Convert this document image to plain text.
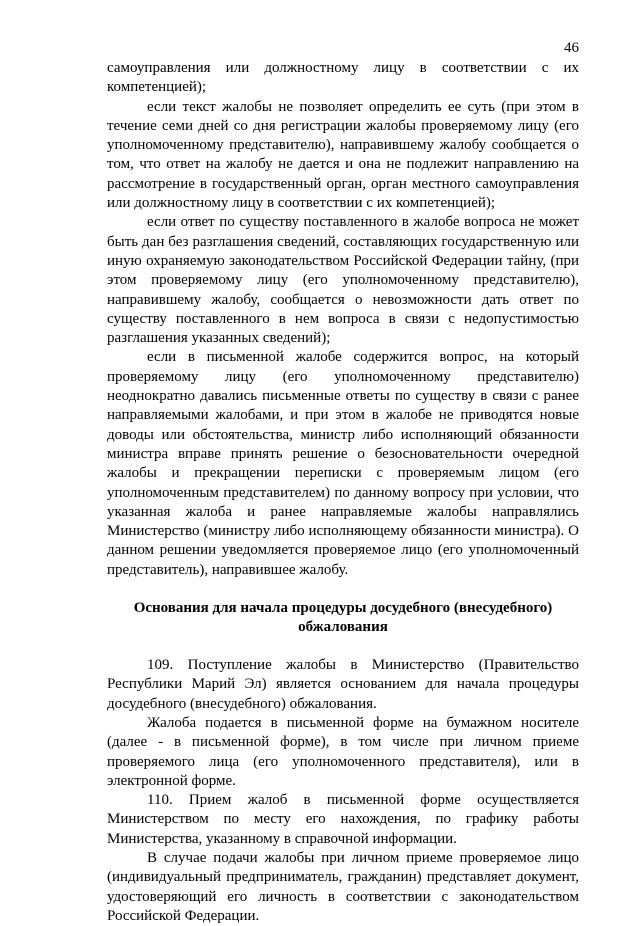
46

самоуправления или должностному лицу в соответствии с их компетенцией);

если текст жалобы не позволяет определить ее суть (при этом в течение семи дней со дня регистрации жалобы проверяемому лицу (его уполномоченному представителю), направившему жалобу сообщается о том, что ответ на жалобу не дается и она не подлежит направлению на рассмотрение в государственный орган, орган местного самоуправления или должностному лицу в соответствии с их компетенцией);

если ответ по существу поставленного в жалобе вопроса не может быть дан без разглашения сведений, составляющих государственную или иную охраняемую законодательством Российской Федерации тайну, (при этом проверяемому лицу (его уполномоченному представителю), направившему жалобу, сообщается о невозможности дать ответ по существу поставленного в нем вопроса в связи с недопустимостью разглашения указанных сведений);

если в письменной жалобе содержится вопрос, на который проверяемому лицу (его уполномоченному представителю) неоднократно давались письменные ответы по существу в связи с ранее направляемыми жалобами, и при этом в жалобе не приводятся новые доводы или обстоятельства, министр либо исполняющий обязанности министра вправе принять решение о безосновательности очередной жалобы и прекращении переписки с проверяемым лицом (его уполномоченным представителем) по данному вопросу при условии, что указанная жалоба и ранее направляемые жалобы направлялись Министерство (министру либо исполняющему обязанности министра). О данном решении уведомляется проверяемое лицо (его уполномоченный представитель), направившее жалобу.

Основания для начала процедуры досудебного (внесудебного)
обжалования

109. Поступление жалобы в Министерство (Правительство Республики Марий Эл) является основанием для начала процедуры досудебного (внесудебного) обжалования.

Жалоба подается в письменной форме на бумажном носителе (далее - в письменной форме), в том числе при личном приеме проверяемого лица (его уполномоченного представителя), или в электронной форме.

110. Прием жалоб в письменной форме осуществляется Министерством по месту его нахождения, по графику работы Министерства, указанному в справочной информации.

В случае подачи жалобы при личном приеме проверяемое лицо (индивидуальный предприниматель, гражданин) представляет документ, удостоверяющий его личность в соответствии с законодательством Российской Федерации.
